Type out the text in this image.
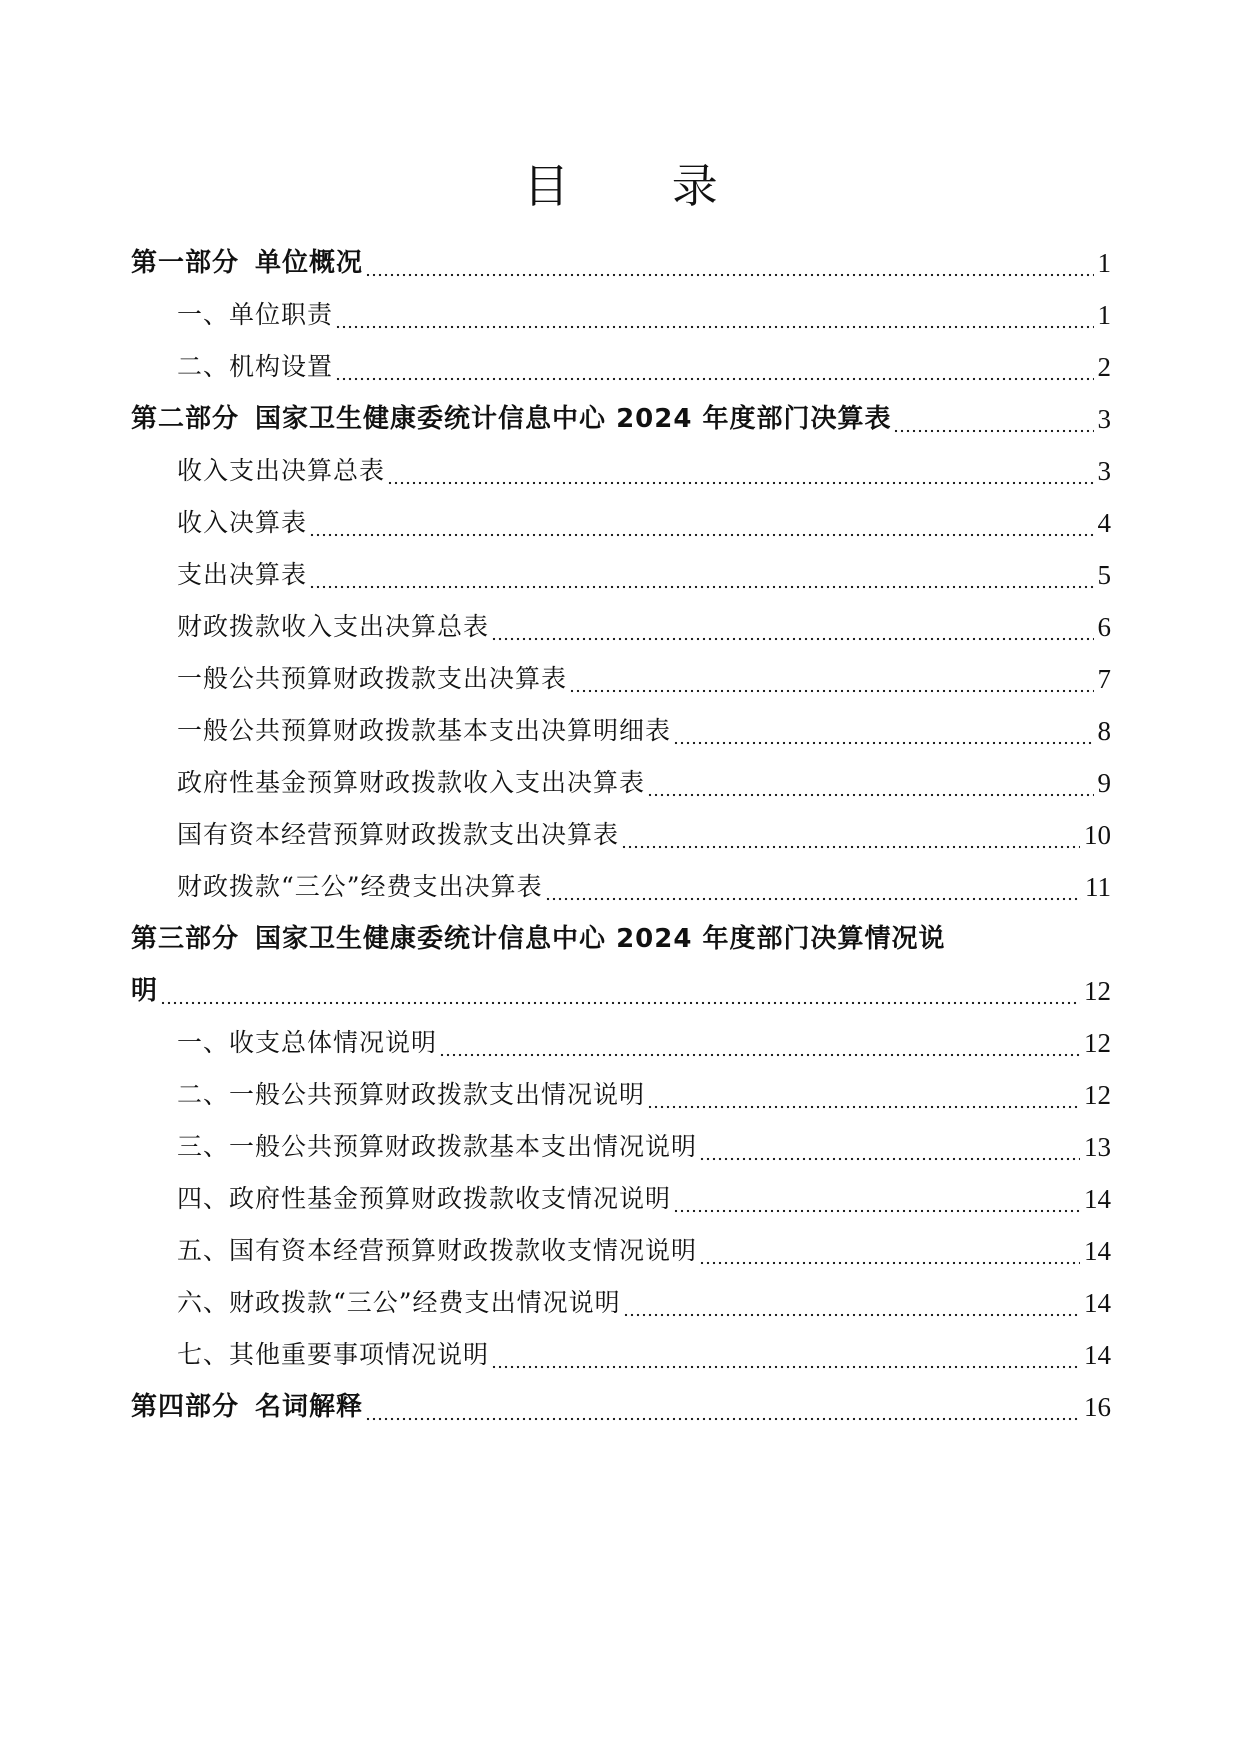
目 录
第一部分 单位概况	1
一、单位职责	1
二、机构设置	2
第二部分 国家卫生健康委统计信息中心 2024 年度部门决算表	3
收入支出决算总表	3
收入决算表	4
支出决算表	5
财政拨款收入支出决算总表	6
一般公共预算财政拨款支出决算表	7
一般公共预算财政拨款基本支出决算明细表	8
政府性基金预算财政拨款收入支出决算表	9
国有资本经营预算财政拨款支出决算表	10
财政拨款“三公”经费支出决算表	11
第三部分 国家卫生健康委统计信息中心 2024 年度部门决算情况说
明	12
一、收支总体情况说明	12
二、一般公共预算财政拨款支出情况说明	12
三、一般公共预算财政拨款基本支出情况说明	13
四、政府性基金预算财政拨款收支情况说明	14
五、国有资本经营预算财政拨款收支情况说明	14
六、财政拨款“三公”经费支出情况说明	14
七、其他重要事项情况说明	14
第四部分 名词解释	16
